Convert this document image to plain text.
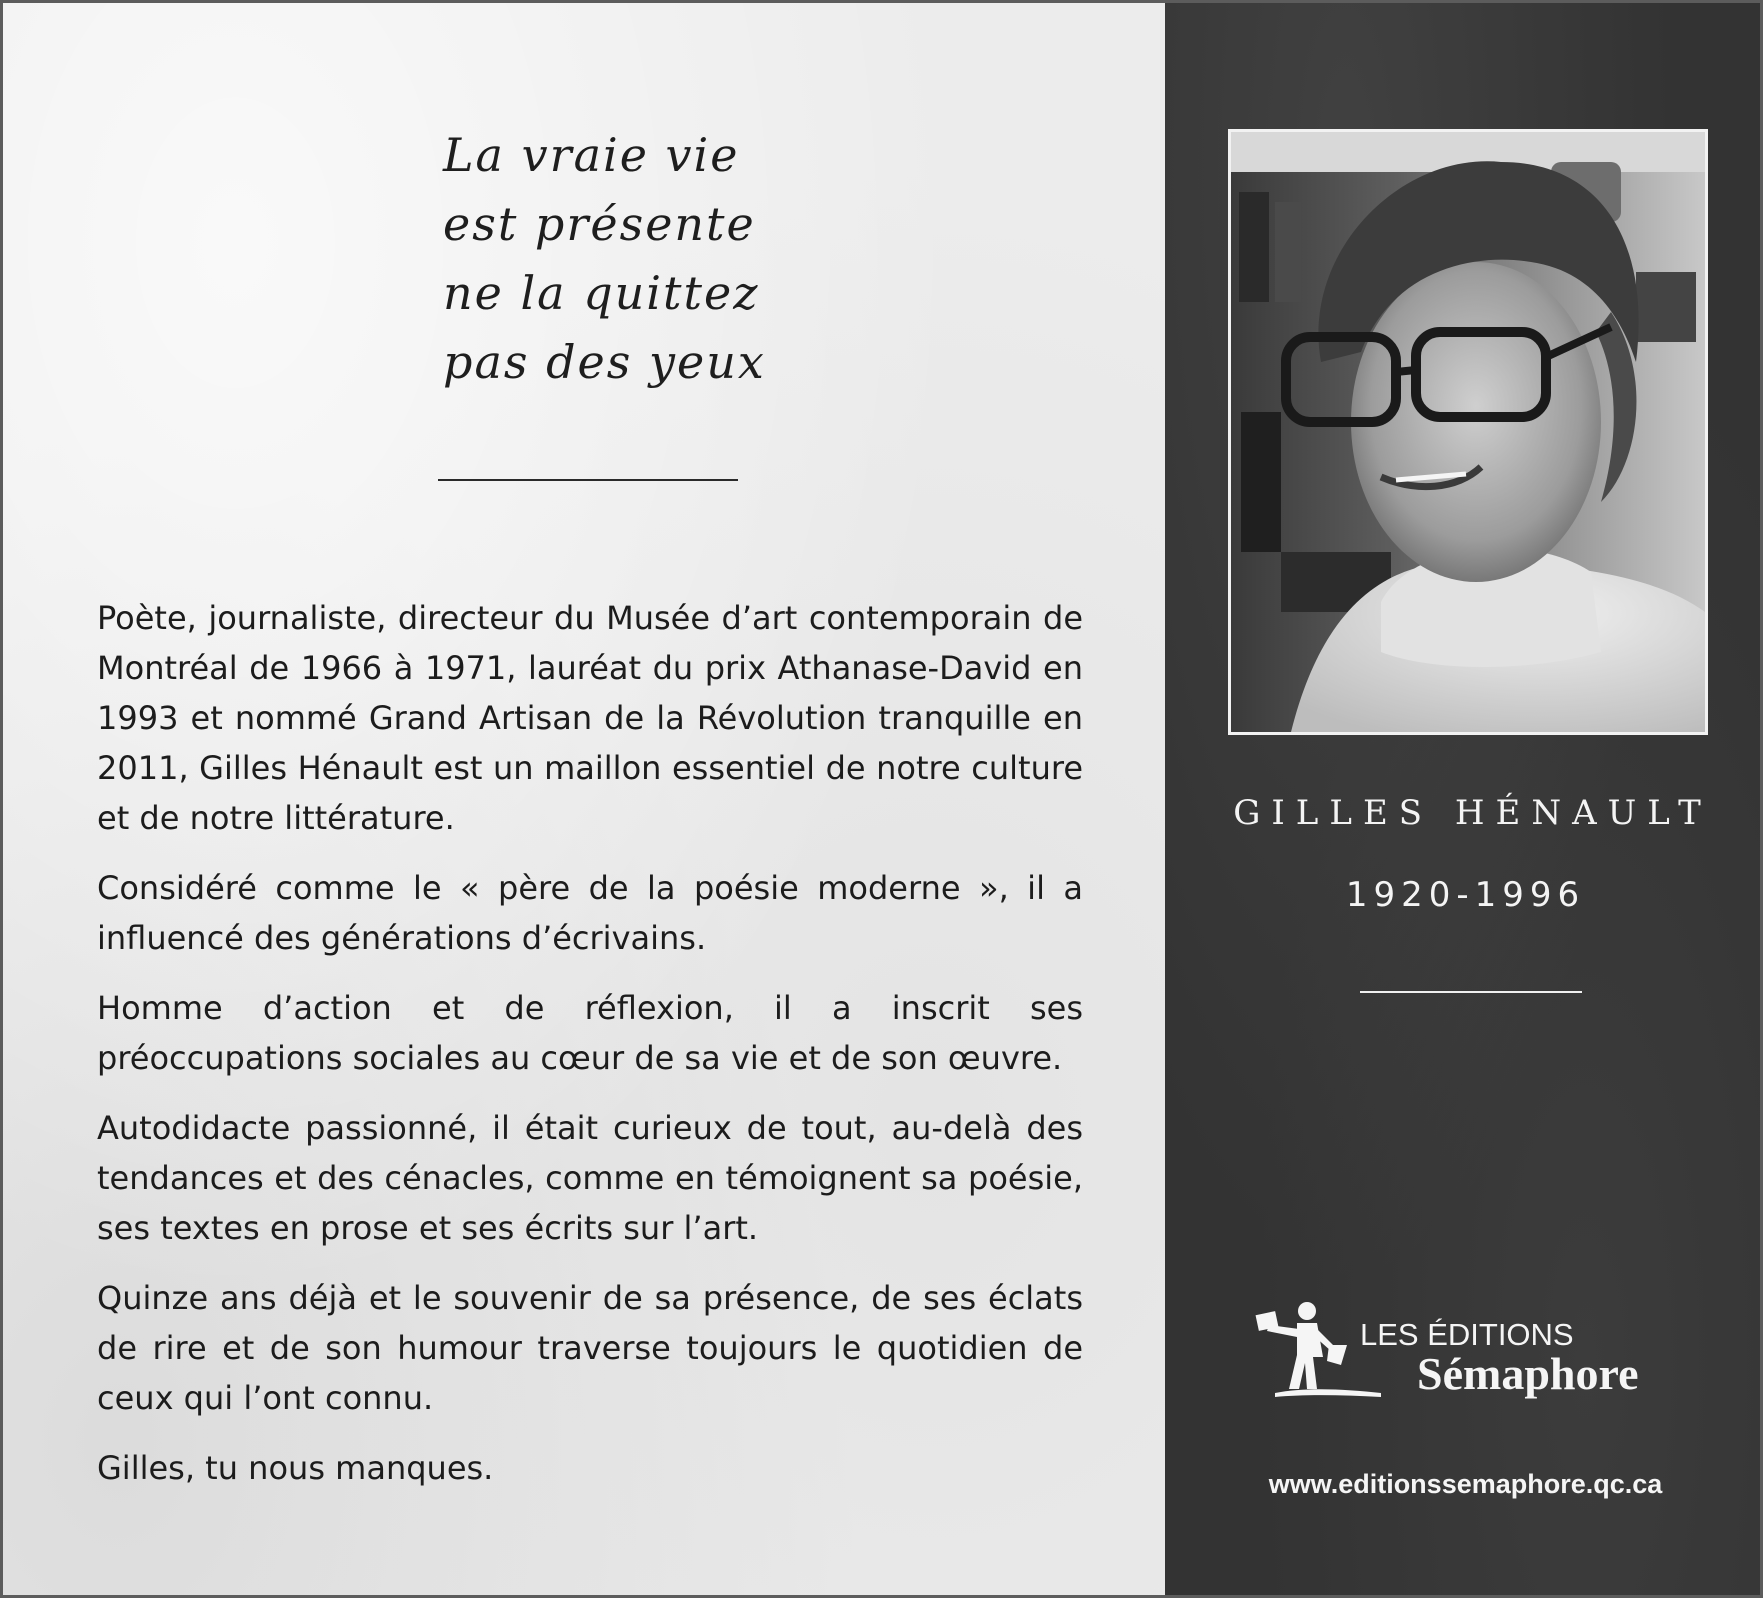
La vraie vie
est présente
ne la quittez
pas des yeux

Poète, journaliste, directeur du Musée d’art contemporain de Montréal de 1966 à 1971, lauréat du prix Athanase-David en 1993 et nommé Grand Artisan de la Révolution tranquille en 2011, Gilles Hénault est un maillon essentiel de notre culture et de notre littérature.

Considéré comme le « père de la poésie moderne », il a influencé des générations d’écrivains.

Homme d’action et de réflexion, il a inscrit ses préoccupations sociales au cœur de sa vie et de son œuvre.

Autodidacte passionné, il était curieux de tout, au-delà des tendances et des cénacles, comme en témoignent sa poésie, ses textes en prose et ses écrits sur l’art.

Quinze ans déjà et le souvenir de sa présence, de ses éclats de rire et de son humour traverse toujours le quotidien de ceux qui l’ont connu.

Gilles, tu nous manques.

GILLES HÉNAULT
1920-1996
LES ÉDITIONS
Sémaphore
www.editionssemaphore.qc.ca
